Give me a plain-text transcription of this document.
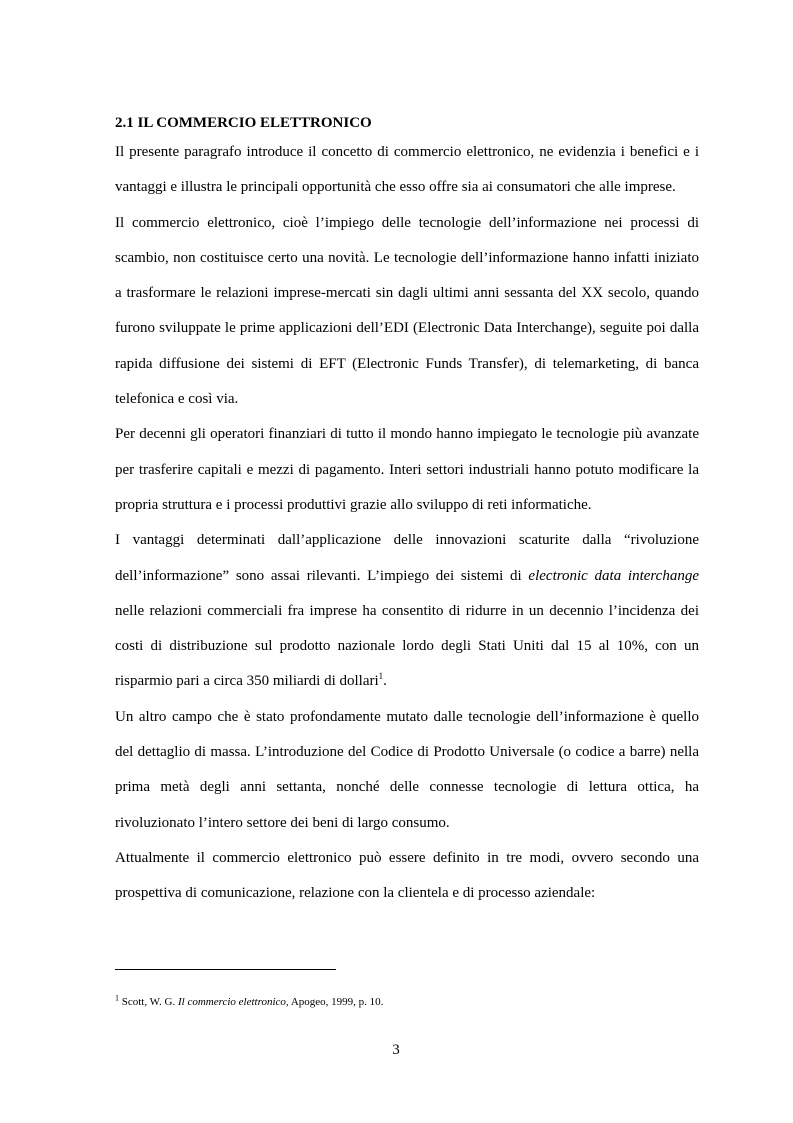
2.1 IL COMMERCIO ELETTRONICO

Il presente paragrafo introduce il concetto di commercio elettronico, ne evidenzia i benefici e i vantaggi e illustra le principali opportunità che esso offre sia ai consumatori che alle imprese.

Il commercio elettronico, cioè l’impiego delle tecnologie dell’informazione nei processi di scambio, non costituisce certo una novità. Le tecnologie dell’informazione hanno infatti iniziato a trasformare le relazioni imprese-mercati sin dagli ultimi anni sessanta del XX secolo, quando furono sviluppate le prime applicazioni dell’EDI (Electronic Data Interchange), seguite poi dalla rapida diffusione dei sistemi di EFT (Electronic Funds Transfer), di telemarketing, di banca telefonica e così via.

Per decenni gli operatori finanziari di tutto il mondo hanno impiegato le tecnologie più avanzate per trasferire capitali e mezzi di pagamento. Interi settori industriali hanno potuto modificare la propria struttura e i processi produttivi grazie allo sviluppo di reti informatiche.

I vantaggi determinati dall’applicazione delle innovazioni scaturite dalla “rivoluzione dell’informazione” sono assai rilevanti. L’impiego dei sistemi di electronic data interchange nelle relazioni commerciali fra imprese ha consentito di ridurre in un decennio l’incidenza dei costi di distribuzione sul prodotto nazionale lordo degli Stati Uniti dal 15 al 10%, con un risparmio pari a circa 350 miliardi di dollari$^1$.

Un altro campo che è stato profondamente mutato dalle tecnologie dell’informazione è quello del dettaglio di massa. L’introduzione del Codice di Prodotto Universale (o codice a barre) nella prima metà degli anni settanta, nonché delle connesse tecnologie di lettura ottica, ha rivoluzionato l’intero settore dei beni di largo consumo.

Attualmente il commercio elettronico può essere definito in tre modi, ovvero secondo una prospettiva di comunicazione, relazione con la clientela e di processo aziendale:

$^1$ Scott, W. G. Il commercio elettronico, Apogeo, 1999, p. 10.
3
